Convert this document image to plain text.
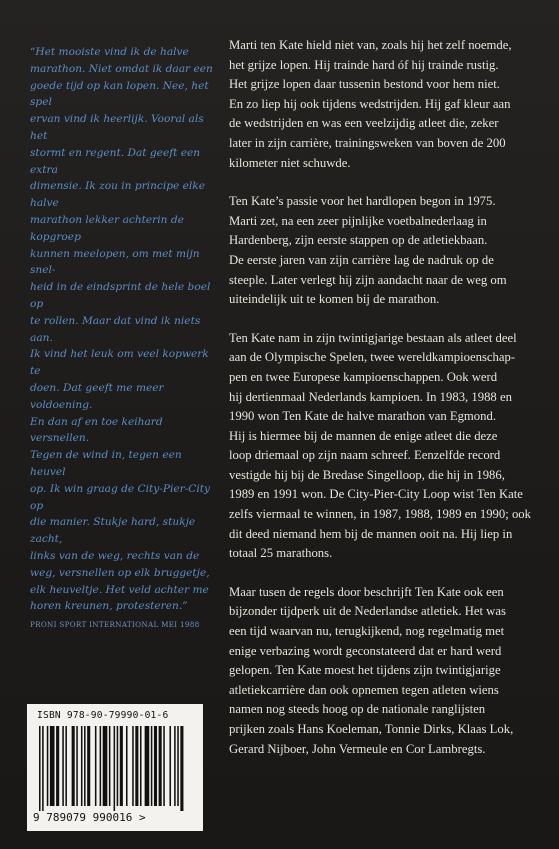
“Het mooiste vind ik de halve

marathon. Niet omdat ik daar een

goede tijd op kan lopen. Nee, het spel

ervan vind ik heerlijk. Vooral als het

stormt en regent. Dat geeft een extra

dimensie. Ik zou in principe elke halve

marathon lekker achterin de kopgroep

kunnen meelopen, om met mijn snel-

heid in de eindsprint de hele boel op

te rollen. Maar dat vind ik niets aan.

Ik vind het leuk om veel kopwerk te

doen. Dat geeft me meer voldoening.

En dan af en toe keihard versnellen.

Tegen de wind in, tegen een heuvel

op. Ik win graag de City-Pier-City op

die manier. Stukje hard, stukje zacht,

links van de weg, rechts van de

weg, versnellen op elk bruggetje,

elk heuveltje. Het veld achter me

horen kreunen, protesteren.”

PRONI SPORT INTERNATIONAL MEI 1988

Marti ten Kate hield niet van, zoals hij het zelf noemde,
het grijze lopen. Hij trainde hard óf hij trainde rustig.
Het grijze lopen daar tussenin bestond voor hem niet.
En zo liep hij ook tijdens wedstrijden. Hij gaf kleur aan
de wedstrijden en was een veelzijdig atleet die, zeker
later in zijn carrière, trainingsweken van boven de 200
kilometer niet schuwde.

Ten Kate’s passie voor het hardlopen begon in 1975.
Marti zet, na een zeer pijnlijke voetbalnederlaag in
Hardenberg, zijn eerste stappen op de atletiekbaan.
De eerste jaren van zijn carrière lag de nadruk op de
steeple. Later verlegt hij zijn aandacht naar de weg om
uiteindelijk uit te komen bij de marathon.

Ten Kate nam in zijn twintigjarige bestaan als atleet deel
aan de Olympische Spelen, twee wereldkampioenschap-
pen en twee Europese kampioenschappen. Ook werd
hij dertienmaal Nederlands kampioen. In 1983, 1988 en
1990 won Ten Kate de halve marathon van Egmond.
Hij is hiermee bij de mannen de enige atleet die deze
loop driemaal op zijn naam schreef. Eenzelfde record
vestigde hij bij de Bredase Singelloop, die hij in 1986,
1989 en 1991 won. De City-Pier-City Loop wist Ten Kate
zelfs viermaal te winnen, in 1987, 1988, 1989 en 1990; ook
dit deed niemand hem bij de mannen ooit na. Hij liep in
totaal 25 marathons.

Maar tusen de regels door beschrijft Ten Kate ook een
bijzonder tijdperk uit de Nederlandse atletiek. Het was
een tijd waarvan nu, terugkijkend, nog regelmatig met
enige verbazing wordt geconstateerd dat er hard werd
gelopen. Ten Kate moest het tijdens zijn twintigjarige
atletiekcarrière dan ook opnemen tegen atleten wiens
namen nog steeds hoog op de nationale ranglijsten
prijken zoals Hans Koeleman, Tonnie Dirks, Klaas Lok,
Gerard Nijboer, John Vermeule en Cor Lambregts.

ISBN 978-90-79990-01-6
9 789079 990016 >
